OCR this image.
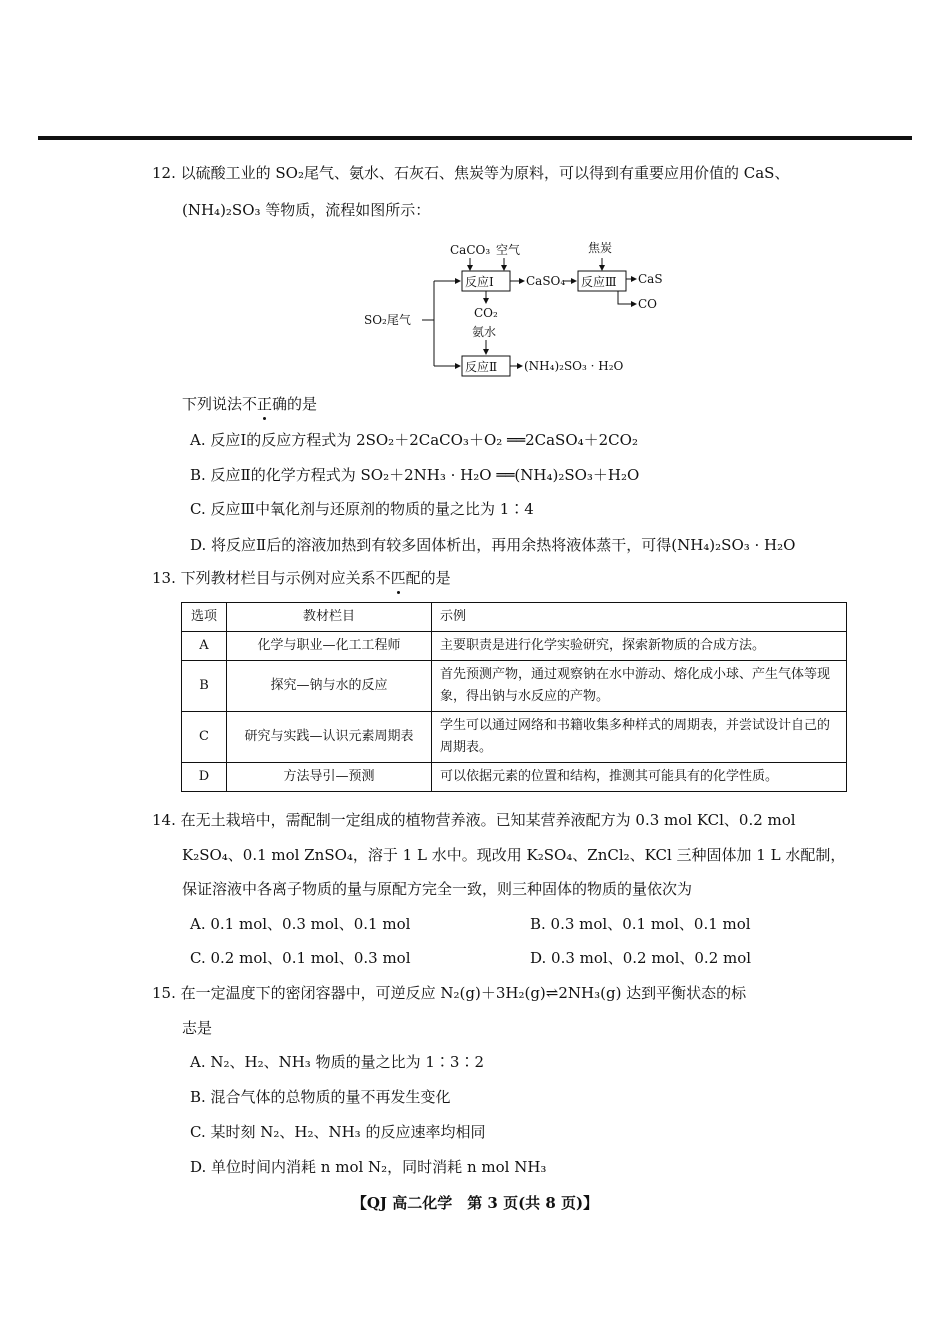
12. 以硫酸工业的 SO₂尾气、氨水、石灰石、焦炭等为原料，可以得到有重要应用价值的 CaS、
(NH₄)₂SO₃ 等物质，流程如图所示：
CaCO₃ 空气	焦炭
反应Ⅰ	CaSO₄ 反应Ⅲ CaS
CO
CO₂
氨水
SO₂尾气
反应Ⅱ (NH₄)₂SO₃ · H₂O
下列说法不正确的是
A. 反应Ⅰ的反应方程式为 2SO₂＋2CaCO₃＋O₂ ══2CaSO₄＋2CO₂
B. 反应Ⅱ的化学方程式为 SO₂＋2NH₃ · H₂O ══(NH₄)₂SO₃＋H₂O
C. 反应Ⅲ中氧化剂与还原剂的物质的量之比为 1∶4
D. 将反应Ⅱ后的溶液加热到有较多固体析出，再用余热将液体蒸干，可得(NH₄)₂SO₃ · H₂O
13. 下列教材栏目与示例对应关系不匹配的是
选项	教材栏目	示例
A	化学与职业—化工工程师	主要职责是进行化学实验研究，探索新物质的合成方法。
B	探究—钠与水的反应	首先预测产物，通过观察钠在水中游动、熔化成小球、产生气体等现象，得出钠与水反应的产物。
C	研究与实践—认识元素周期表	学生可以通过网络和书籍收集多种样式的周期表，并尝试设计自己的周期表。
D	方法导引—预测	可以依据元素的位置和结构，推测其可能具有的化学性质。
14. 在无土栽培中，需配制一定组成的植物营养液。已知某营养液配方为 0.3 mol KCl、0.2 mol
K₂SO₄、0.1 mol ZnSO₄，溶于 1 L 水中。现改用 K₂SO₄、ZnCl₂、KCl 三种固体加 1 L 水配制，
保证溶液中各离子物质的量与原配方完全一致，则三种固体的物质的量依次为
A. 0.1 mol、0.3 mol、0.1 mol	B. 0.3 mol、0.1 mol、0.1 mol
C. 0.2 mol、0.1 mol、0.3 mol	D. 0.3 mol、0.2 mol、0.2 mol
15. 在一定温度下的密闭容器中，可逆反应 N₂(g)＋3H₂(g)⇌2NH₃(g) 达到平衡状态的标
志是
A. N₂、H₂、NH₃ 物质的量之比为 1∶3∶2
B. 混合气体的总物质的量不再发生变化
C. 某时刻 N₂、H₂、NH₃ 的反应速率均相同
D. 单位时间内消耗 n mol N₂，同时消耗 n mol NH₃
【QJ 高二化学　第 3 页(共 8 页)】
